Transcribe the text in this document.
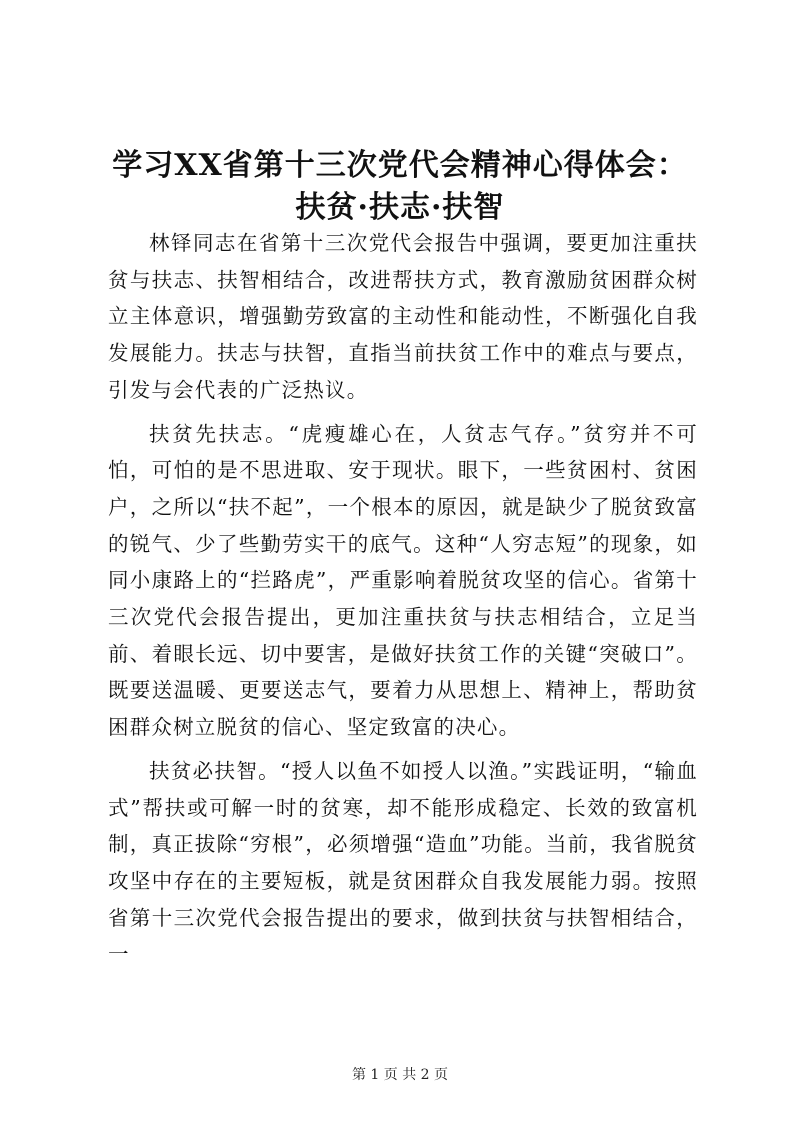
学习XX省第十三次党代会精神心得体会：扶贫·扶志·扶智

林铎同志在省第十三次党代会报告中强调，要更加注重扶贫与扶志、扶智相结合，改进帮扶方式，教育激励贫困群众树立主体意识，增强勤劳致富的主动性和能动性，不断强化自我发展能力。扶志与扶智，直指当前扶贫工作中的难点与要点，引发与会代表的广泛热议。

扶贫先扶志。“虎瘦雄心在，人贫志气存。”贫穷并不可怕，可怕的是不思进取、安于现状。眼下，一些贫困村、贫困户，之所以“扶不起”，一个根本的原因，就是缺少了脱贫致富的锐气、少了些勤劳实干的底气。这种“人穷志短”的现象，如同小康路上的“拦路虎”，严重影响着脱贫攻坚的信心。省第十三次党代会报告提出，更加注重扶贫与扶志相结合，立足当前、着眼长远、切中要害，是做好扶贫工作的关键“突破口”。既要送温暖、更要送志气，要着力从思想上、精神上，帮助贫困群众树立脱贫的信心、坚定致富的决心。

扶贫必扶智。“授人以鱼不如授人以渔。”实践证明，“输血式”帮扶或可解一时的贫寒，却不能形成稳定、长效的致富机制，真正拔除“穷根”，必须增强“造血”功能。当前，我省脱贫攻坚中存在的主要短板，就是贫困群众自我发展能力弱。按照省第十三次党代会报告提出的要求，做到扶贫与扶智相结合，一

第 1 页 共 2 页
